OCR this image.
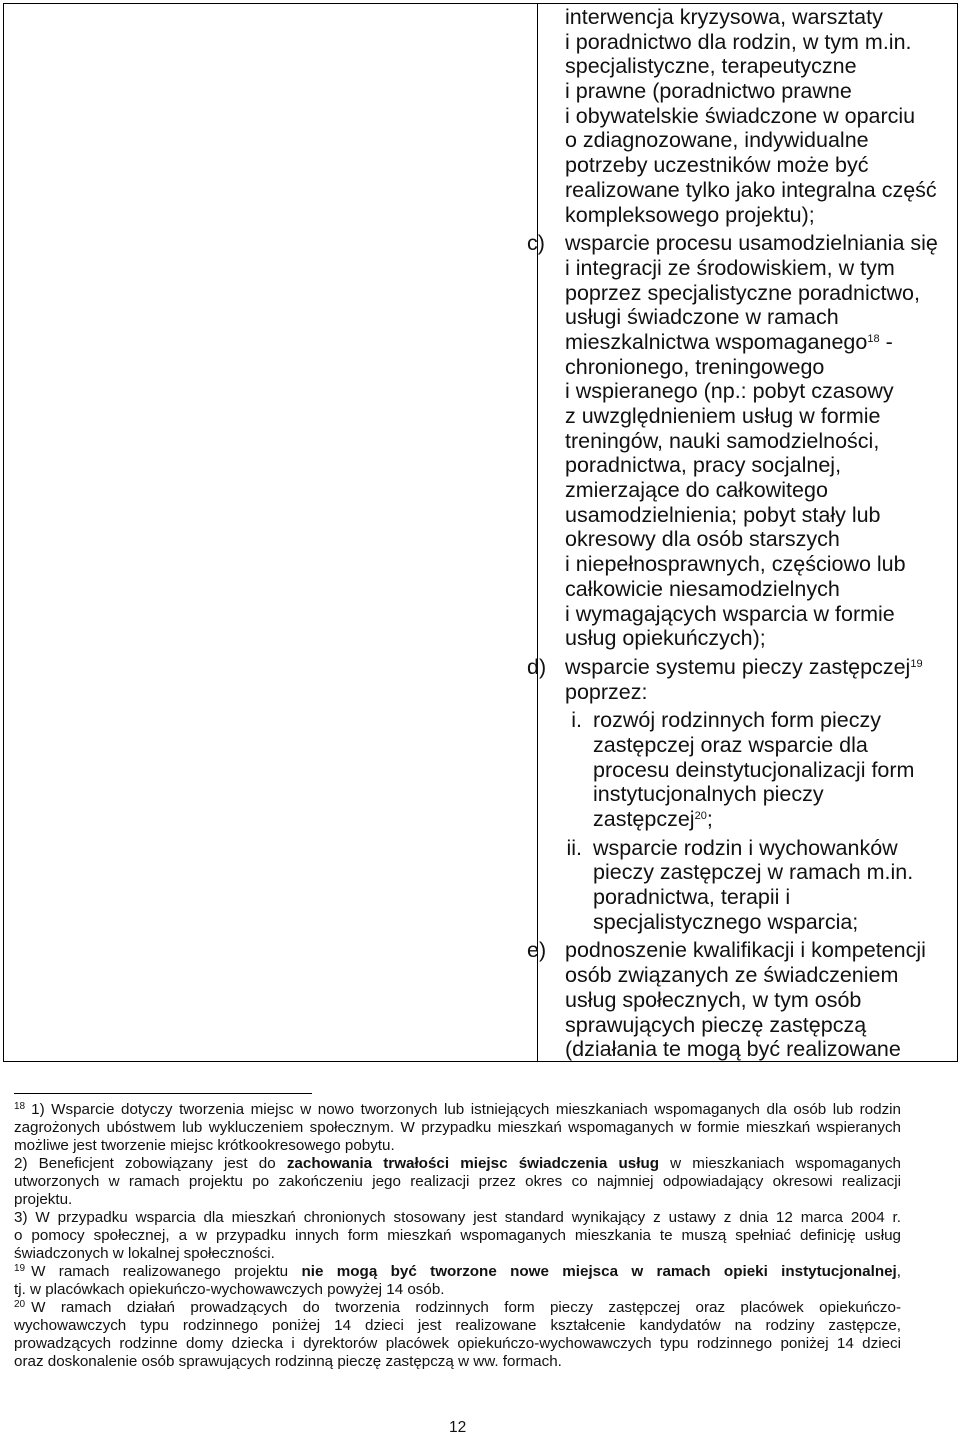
interwencja kryzysowa, warsztaty
i poradnictwo dla rodzin, w tym m.in.
specjalistyczne, terapeutyczne
i prawne (poradnictwo prawne
i obywatelskie świadczone w oparciu
o zdiagnozowane, indywidualne
potrzeby uczestników może być
realizowane tylko jako integralna część
kompleksowego projektu);
c) wsparcie procesu usamodzielniania się
i integracji ze środowiskiem, w tym
poprzez specjalistyczne poradnictwo,
usługi świadczone w ramach
mieszkalnictwa wspomaganego$^{18}$ -
chronionego, treningowego
i wspieranego (np.: pobyt czasowy
z uwzględnieniem usług w formie
treningów, nauki samodzielności,
poradnictwa, pracy socjalnej,
zmierzające do całkowitego
usamodzielnienia; pobyt stały lub
okresowy dla osób starszych
i niepełnosprawnych, częściowo lub
całkowicie niesamodzielnych
i wymagających wsparcia w formie
usług opiekuńczych);
d) wsparcie systemu pieczy zastępczej$^{19}$
poprzez:
i. rozwój rodzinnych form pieczy
zastępczej oraz wsparcie dla
procesu deinstytucjonalizacji form
instytucjonalnych pieczy
zastępczej$^{20}$;
ii. wsparcie rodzin i wychowanków
pieczy zastępczej w ramach m.in.
poradnictwa, terapii i
specjalistycznego wsparcia;
e) podnoszenie kwalifikacji i kompetencji
osób związanych ze świadczeniem
usług społecznych, w tym osób
sprawujących pieczę zastępczą
(działania te mogą być realizowane
$^{18}$ 1) Wsparcie dotyczy tworzenia miejsc w nowo tworzonych lub istniejących mieszkaniach wspomaganych dla osób lub rodzin
zagrożonych ubóstwem lub wykluczeniem społecznym. W przypadku mieszkań wspomaganych w formie mieszkań wspieranych
możliwe jest tworzenie miejsc krótkookresowego pobytu.
2) Beneficjent zobowiązany jest do zachowania trwałości miejsc świadczenia usług w mieszkaniach wspomaganych
utworzonych w ramach projektu po zakończeniu jego realizacji przez okres co najmniej odpowiadający okresowi realizacji
projektu.
3) W przypadku wsparcia dla mieszkań chronionych stosowany jest standard wynikający z ustawy z dnia 12 marca 2004 r.
o pomocy społecznej, a w przypadku innych form mieszkań wspomaganych mieszkania te muszą spełniać definicję usług
świadczonych w lokalnej społeczności.
$^{19}$ W ramach realizowanego projektu nie mogą być tworzone nowe miejsca w ramach opieki instytucjonalnej,
tj. w placówkach opiekuńczo-wychowawczych powyżej 14 osób.
$^{20}$ W ramach działań prowadzących do tworzenia rodzinnych form pieczy zastępczej oraz placówek opiekuńczo-
wychowawczych typu rodzinnego poniżej 14 dzieci jest realizowane kształcenie kandydatów na rodziny zastępcze,
prowadzących rodzinne domy dziecka i dyrektorów placówek opiekuńczo-wychowawczych typu rodzinnego poniżej 14 dzieci
oraz doskonalenie osób sprawujących rodzinną pieczę zastępczą w ww. formach.
12
